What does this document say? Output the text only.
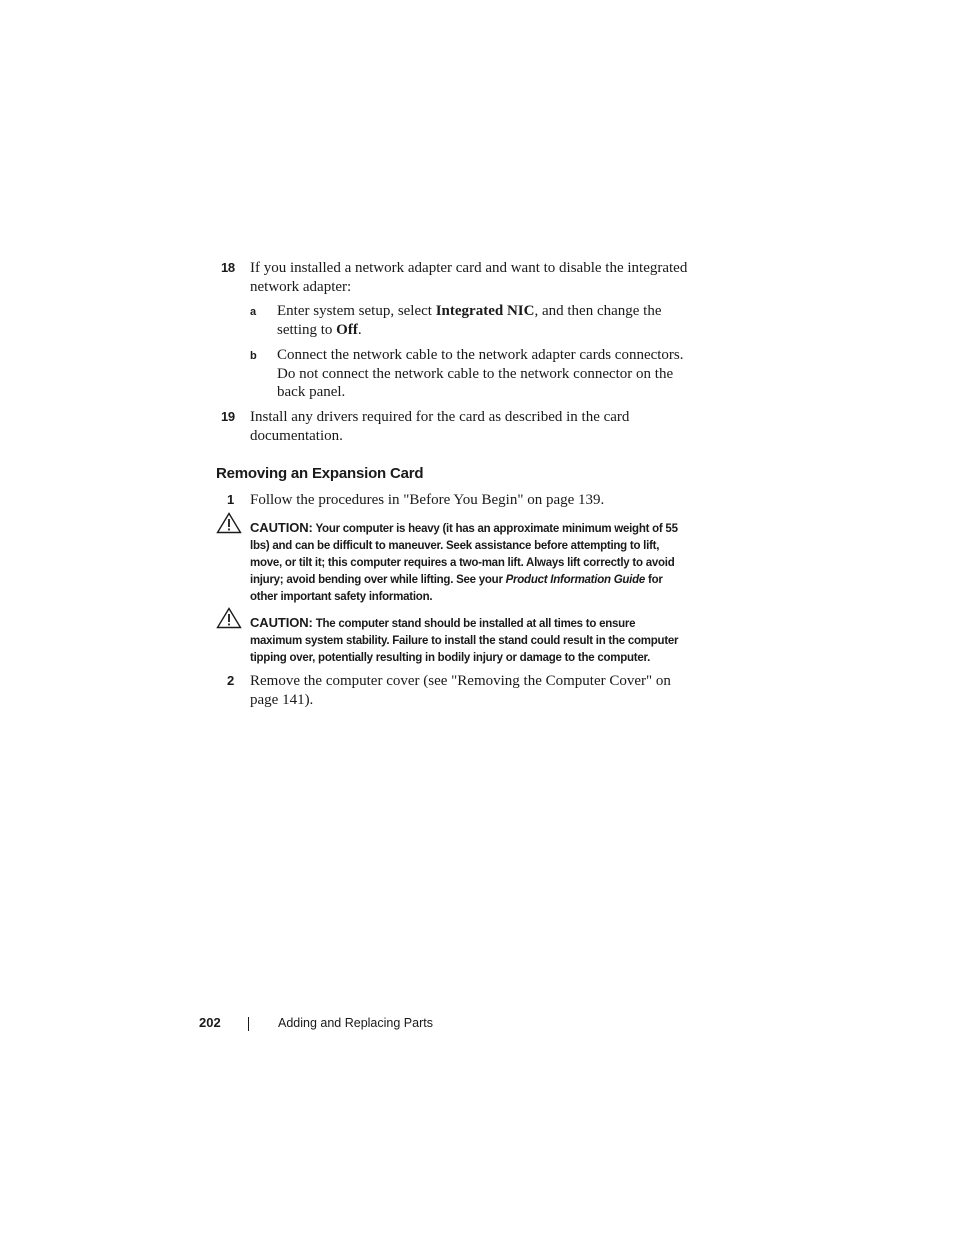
18 If you installed a network adapter card and want to disable the integrated
network adapter:
a Enter system setup, select Integrated NIC, and then change the
setting to Off.
b Connect the network cable to the network adapter cards connectors.
Do not connect the network cable to the network connector on the
back panel.
19 Install any drivers required for the card as described in the card
documentation.
Removing an Expansion Card
1 Follow the procedures in "Before You Begin" on page 139.
CAUTION: Your computer is heavy (it has an approximate minimum weight of 55
lbs) and can be difficult to maneuver. Seek assistance before attempting to lift,
move, or tilt it; this computer requires a two-man lift. Always lift correctly to avoid
injury; avoid bending over while lifting. See your Product Information Guide for
other important safety information.
CAUTION: The computer stand should be installed at all times to ensure
maximum system stability. Failure to install the stand could result in the computer
tipping over, potentially resulting in bodily injury or damage to the computer.
2 Remove the computer cover (see "Removing the Computer Cover" on
page 141).
202	Adding and Replacing Parts
